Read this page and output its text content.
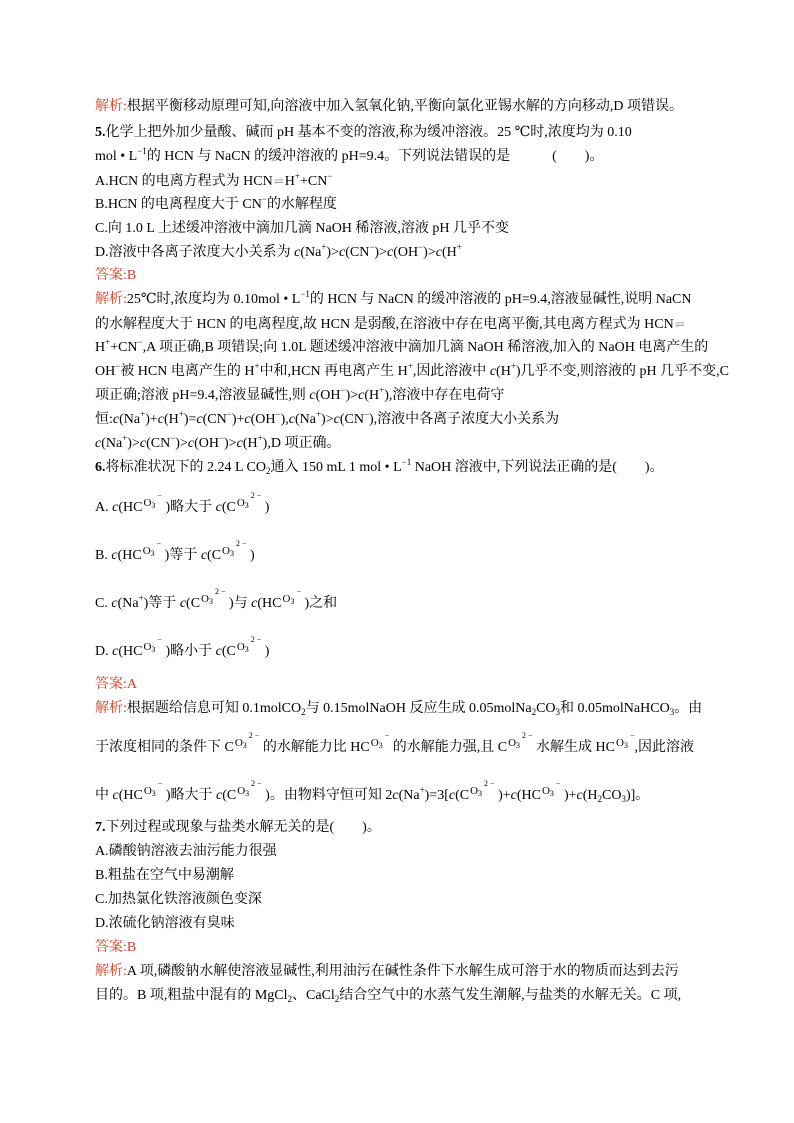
解析:根据平衡移动原理可知,向溶液中加入氢氧化钠,平衡向氯化亚锡水解的方向移动,D 项错误。
5.化学上把外加少量酸、碱而 pH 基本不变的溶液,称为缓冲溶液。25 ℃时,浓度均为 0.10
mol • $L^{-1}$的 HCN 与 NaCN 的缓冲溶液的 pH=9.4。下列说法错误的是　　　(　　)。
A.HCN 的电离方程式为 HCN⇌H++CN−
B.HCN 的电离程度大于 CN−的水解程度
C.向 1.0 L 上述缓冲溶液中滴加几滴 NaOH 稀溶液,溶液 pH 几乎不变
D.溶液中各离子浓度大小关系为 c(Na+)>c(CN−)>c(OH−)>c(H+
答案:B
解析:25℃时,浓度均为 0.10mol • $L^{-1}$的 HCN 与 NaCN 的缓冲溶液的 pH=9.4,溶液显碱性,说明 NaCN
的水解程度大于 HCN 的电离程度,故 HCN 是弱酸,在溶液中存在电离平衡,其电离方程式为 HCN⇌
H++CN−,A 项正确,B 项错误;向 1.0L 题述缓冲溶液中滴加几滴 NaOH 稀溶液,加入的 NaOH 电离产生的
OH−被 HCN 电离产生的 H+中和,HCN 再电离产生 H+,因此溶液中 c(H+)几乎不变,则溶液的 pH 几乎不变,C
项正确;溶液 pH=9.4,溶液显碱性,则 c(OH−)>c(H+),溶液中存在电荷守
恒:c(Na+)+c(H+)=c(CN−)+c(OH−),c(Na+)>c(CN−),溶液中各离子浓度大小关系为
c(Na+)>c(CN−)>c(OH−)>c(H+),D 项正确。
6.将标准状况下的 2.24 L $CO_2$通入 150 mL 1 mol • $L^{-1}$ NaOH 溶液中,下列说法正确的是(　　)。
A. $c(HC^{O3-}$ )略大于 $c(C^{O32 -}$ )
B. $c(HC^{O3-}$ )等于 $c(C^{O32 -}$ )
C. c(Na+)等于 $c(C^{O32 -}$ )与 $c(HC^{O3-}$ )之和
D. $c(HC^{O3-}$ )略小于 $c(C^{O32 -}$ )
答案:A
解析:根据题给信息可知 0.1molCO$_2$与 0.15molNaOH 反应生成 $0.05molNa_2CO_3$和 0.05molNaHCO$_3$。由
于浓度相同的条件下 $C^{O32 -}$ 的水解能力比 $HC^{O3-}$ 的水解能力强,且 $C^{O32 -}$ 水解生成 $HC^{O3-}$,因此溶液
中 $c(HC^{O3-}$ )略大于 $c(C^{O32 -}$ )。由物料守恒可知 $2c(Na^+)=3[c(C^{O32 -}$ )$+c(HC^{O3-}$ )$+c(H_2CO_3)$]。
7.下列过程或现象与盐类水解无关的是(　　)。
A.磷酸钠溶液去油污能力很强
B.粗盐在空气中易潮解
C.加热氯化铁溶液颜色变深
D.浓硫化钠溶液有臭味
答案:B
解析:A 项,磷酸钠水解使溶液显碱性,利用油污在碱性条件下水解生成可溶于水的物质而达到去污
目的。B 项,粗盐中混有的 MgCl$_2$、CaCl$_2$结合空气中的水蒸气发生潮解,与盐类的水解无关。C 项,
